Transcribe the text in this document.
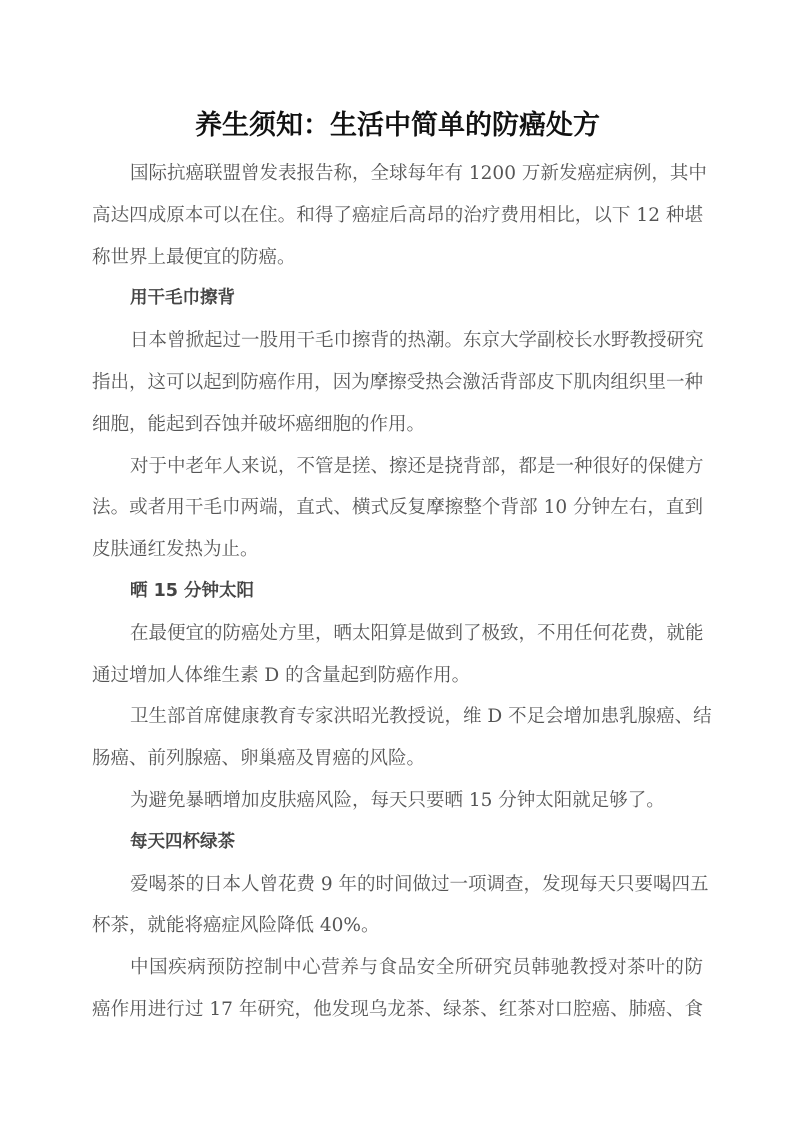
养生须知：生活中简单的防癌处方
国际抗癌联盟曾发表报告称，全球每年有 1200 万新发癌症病例，其中
高达四成原本可以在住。和得了癌症后高昂的治疗费用相比，以下 12 种堪
称世界上最便宜的防癌。
用干毛巾擦背
日本曾掀起过一股用干毛巾擦背的热潮。东京大学副校长水野教授研究
指出，这可以起到防癌作用，因为摩擦受热会激活背部皮下肌肉组织里一种
细胞，能起到吞蚀并破坏癌细胞的作用。
对于中老年人来说，不管是搓、擦还是挠背部，都是一种很好的保健方
法。或者用干毛巾两端，直式、横式反复摩擦整个背部 10 分钟左右，直到
皮肤通红发热为止。
晒 15 分钟太阳
在最便宜的防癌处方里，晒太阳算是做到了极致，不用任何花费，就能
通过增加人体维生素 D 的含量起到防癌作用。
卫生部首席健康教育专家洪昭光教授说，维 D 不足会增加患乳腺癌、结
肠癌、前列腺癌、卵巢癌及胃癌的风险。
为避免暴晒增加皮肤癌风险，每天只要晒 15 分钟太阳就足够了。
每天四杯绿茶
爱喝茶的日本人曾花费 9 年的时间做过一项调查，发现每天只要喝四五
杯茶，就能将癌症风险降低 40%。
中国疾病预防控制中心营养与食品安全所研究员韩驰教授对茶叶的防
癌作用进行过 17 年研究，他发现乌龙茶、绿茶、红茶对口腔癌、肺癌、食
